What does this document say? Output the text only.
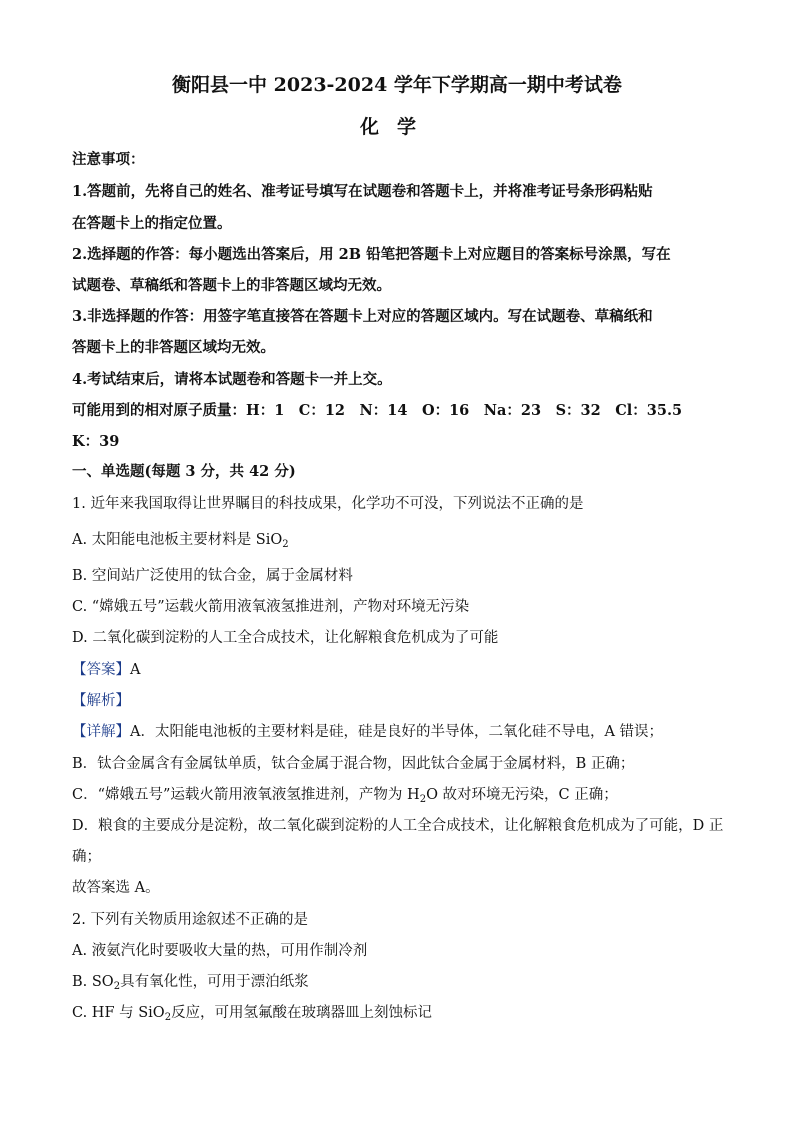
衡阳县一中 2023-2024 学年下学期高一期中考试卷
化学
注意事项：
1.答题前，先将自己的姓名、准考证号填写在试题卷和答题卡上，并将准考证号条形码粘贴
在答题卡上的指定位置。
2.选择题的作答：每小题选出答案后，用 2B 铅笔把答题卡上对应题目的答案标号涂黑，写在
试题卷、草稿纸和答题卡上的非答题区域均无效。
3.非选择题的作答：用签字笔直接答在答题卡上对应的答题区域内。写在试题卷、草稿纸和
答题卡上的非答题区域均无效。
4.考试结束后，请将本试题卷和答题卡一并上交。
可能用到的相对原子质量：H：1　C：12　N：14　O：16　Na：23　S：32　Cl：35.5
K：39
一、单选题(每题 3 分，共 42 分)
1. 近年来我国取得让世界瞩目的科技成果，化学功不可没，下列说法不正确的是
A. 太阳能电池板主要材料是 SiO$_2$
B. 空间站广泛使用的钛合金，属于金属材料
C. “嫦娥五号”运载火箭用液氧液氢推进剂，产物对环境无污染
D. 二氧化碳到淀粉的人工全合成技术，让化解粮食危机成为了可能
【答案】A
【解析】
【详解】A．太阳能电池板的主要材料是硅，硅是良好的半导体，二氧化硅不导电，A 错误；
B．钛合金属含有金属钛单质，钛合金属于混合物，因此钛合金属于金属材料，B 正确；
C．“嫦娥五号”运载火箭用液氧液氢推进剂，产物为 $H_2O$ 故对环境无污染，C 正确；
D．粮食的主要成分是淀粉，故二氧化碳到淀粉的人工全合成技术，让化解粮食危机成为了可能，D 正
确；
故答案选 A。
2. 下列有关物质用途叙述不正确的是
A. 液氨汽化时要吸收大量的热，可用作制冷剂
B. $SO_2$具有氧化性，可用于漂泊纸浆
C. HF 与 SiO$_2$反应，可用氢氟酸在玻璃器皿上刻蚀标记
